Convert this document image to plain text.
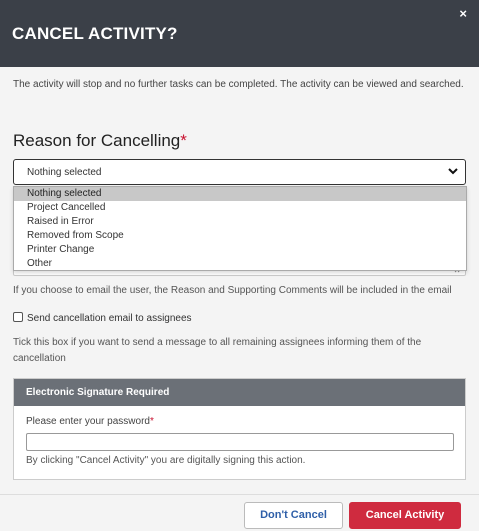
CANCEL ACTIVITY?
×
The activity will stop and no further tasks can be completed. The activity can be viewed and searched.
Reason for Cancelling*
Nothing selected
Nothing selected
Project Cancelled
Raised in Error
Removed from Scope
Printer Change
Other
If you choose to email the user, the Reason and Supporting Comments will be included in the email
Send cancellation email to assignees
Tick this box if you want to send a message to all remaining assignees informing them of the cancellation
Electronic Signature Required
Please enter your password*
By clicking "Cancel Activity" you are digitally signing this action.
Don't Cancel	Cancel Activity
